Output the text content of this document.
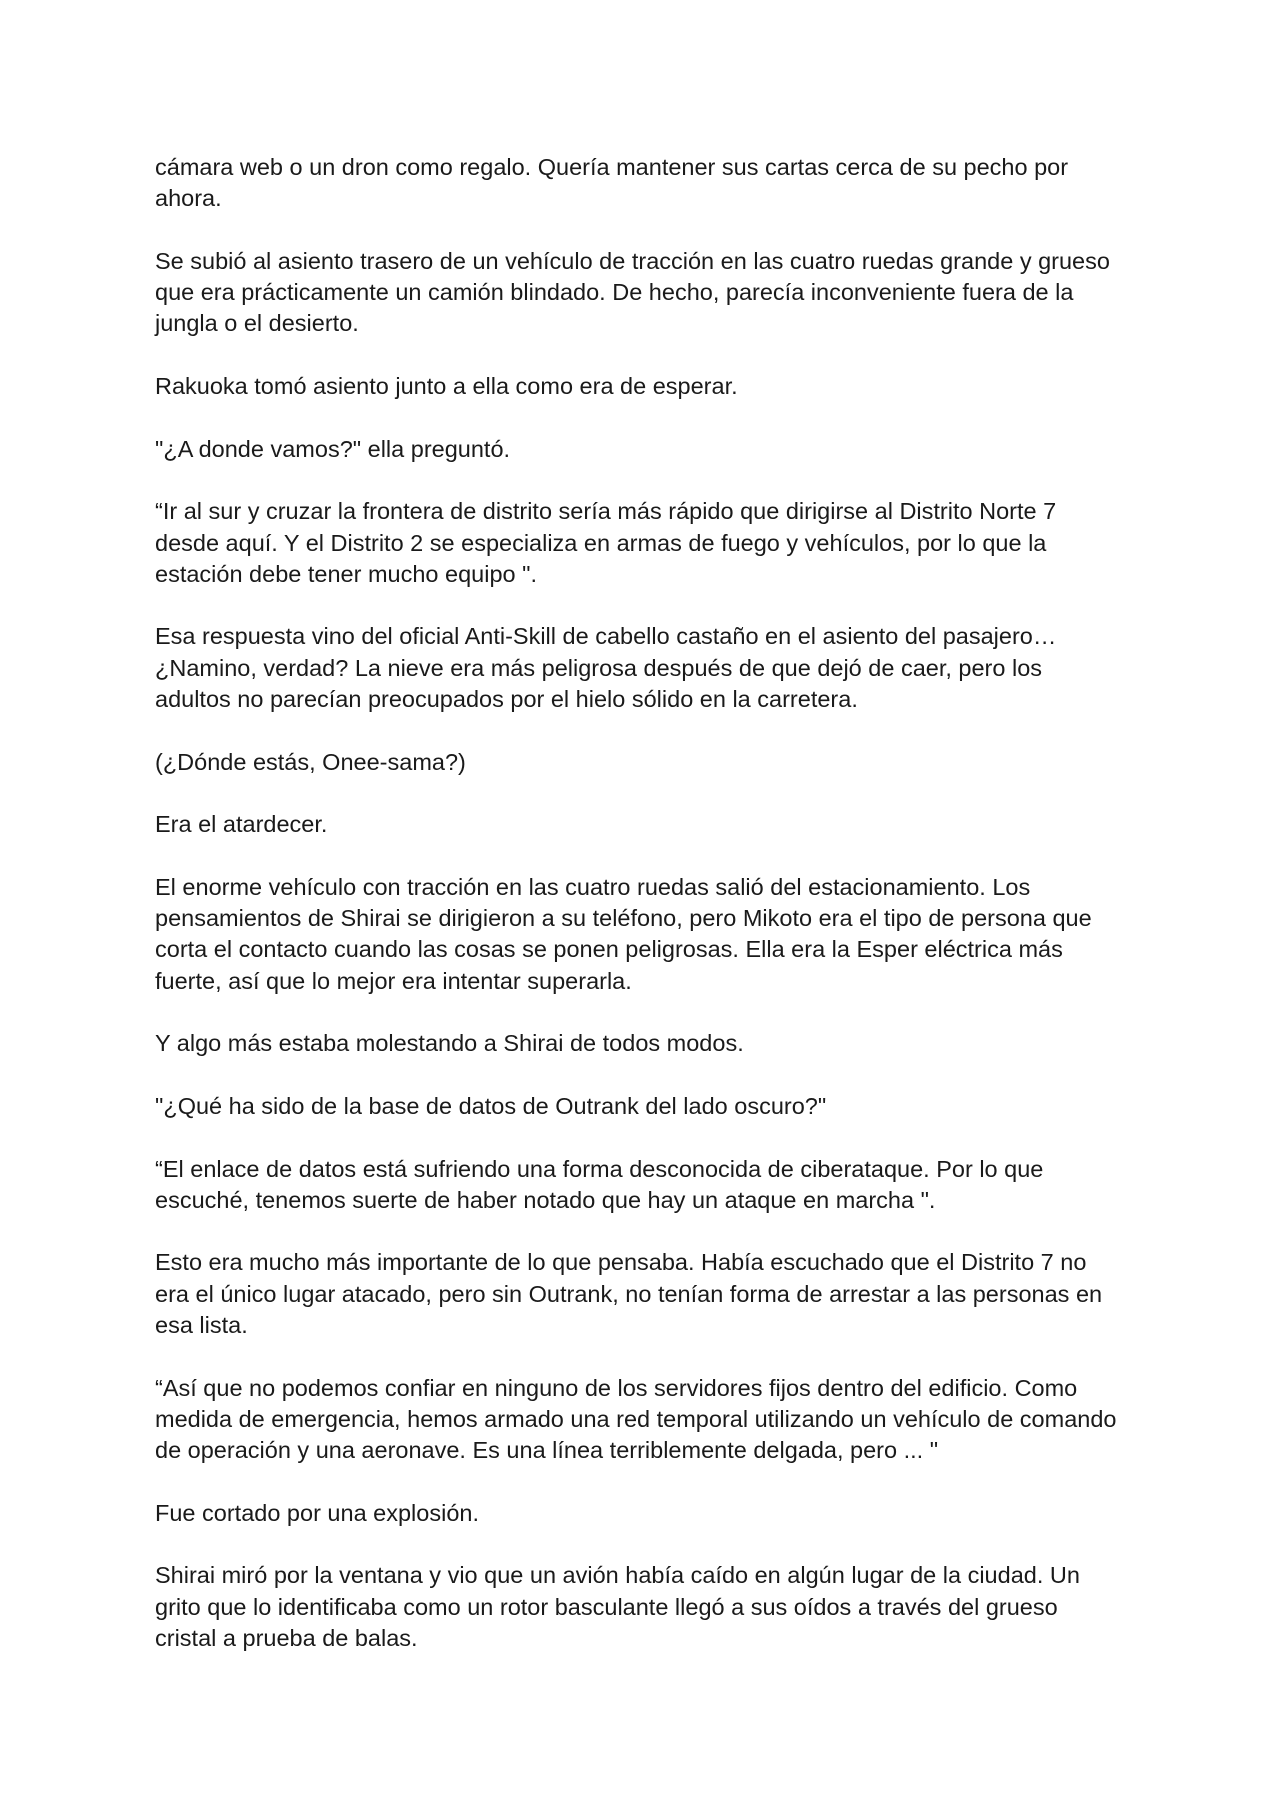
cámara web o un dron como regalo. Quería mantener sus cartas cerca de su pecho por
ahora.

Se subió al asiento trasero de un vehículo de tracción en las cuatro ruedas grande y grueso
que era prácticamente un camión blindado. De hecho, parecía inconveniente fuera de la
jungla o el desierto.

Rakuoka tomó asiento junto a ella como era de esperar.

"¿A donde vamos?" ella preguntó.

“Ir al sur y cruzar la frontera de distrito sería más rápido que dirigirse al Distrito Norte 7
desde aquí. Y el Distrito 2 se especializa en armas de fuego y vehículos, por lo que la
estación debe tener mucho equipo ".

Esa respuesta vino del oficial Anti-Skill de cabello castaño en el asiento del pasajero…
¿Namino, verdad? La nieve era más peligrosa después de que dejó de caer, pero los
adultos no parecían preocupados por el hielo sólido en la carretera.

(¿Dónde estás, Onee-sama?)

Era el atardecer.

El enorme vehículo con tracción en las cuatro ruedas salió del estacionamiento. Los
pensamientos de Shirai se dirigieron a su teléfono, pero Mikoto era el tipo de persona que
corta el contacto cuando las cosas se ponen peligrosas. Ella era la Esper eléctrica más
fuerte, así que lo mejor era intentar superarla.

Y algo más estaba molestando a Shirai de todos modos.

"¿Qué ha sido de la base de datos de Outrank del lado oscuro?"

“El enlace de datos está sufriendo una forma desconocida de ciberataque. Por lo que
escuché, tenemos suerte de haber notado que hay un ataque en marcha ".

Esto era mucho más importante de lo que pensaba. Había escuchado que el Distrito 7 no
era el único lugar atacado, pero sin Outrank, no tenían forma de arrestar a las personas en
esa lista.

“Así que no podemos confiar en ninguno de los servidores fijos dentro del edificio. Como
medida de emergencia, hemos armado una red temporal utilizando un vehículo de comando
de operación y una aeronave. Es una línea terriblemente delgada, pero ... "

Fue cortado por una explosión.

Shirai miró por la ventana y vio que un avión había caído en algún lugar de la ciudad. Un
grito que lo identificaba como un rotor basculante llegó a sus oídos a través del grueso
cristal a prueba de balas.
